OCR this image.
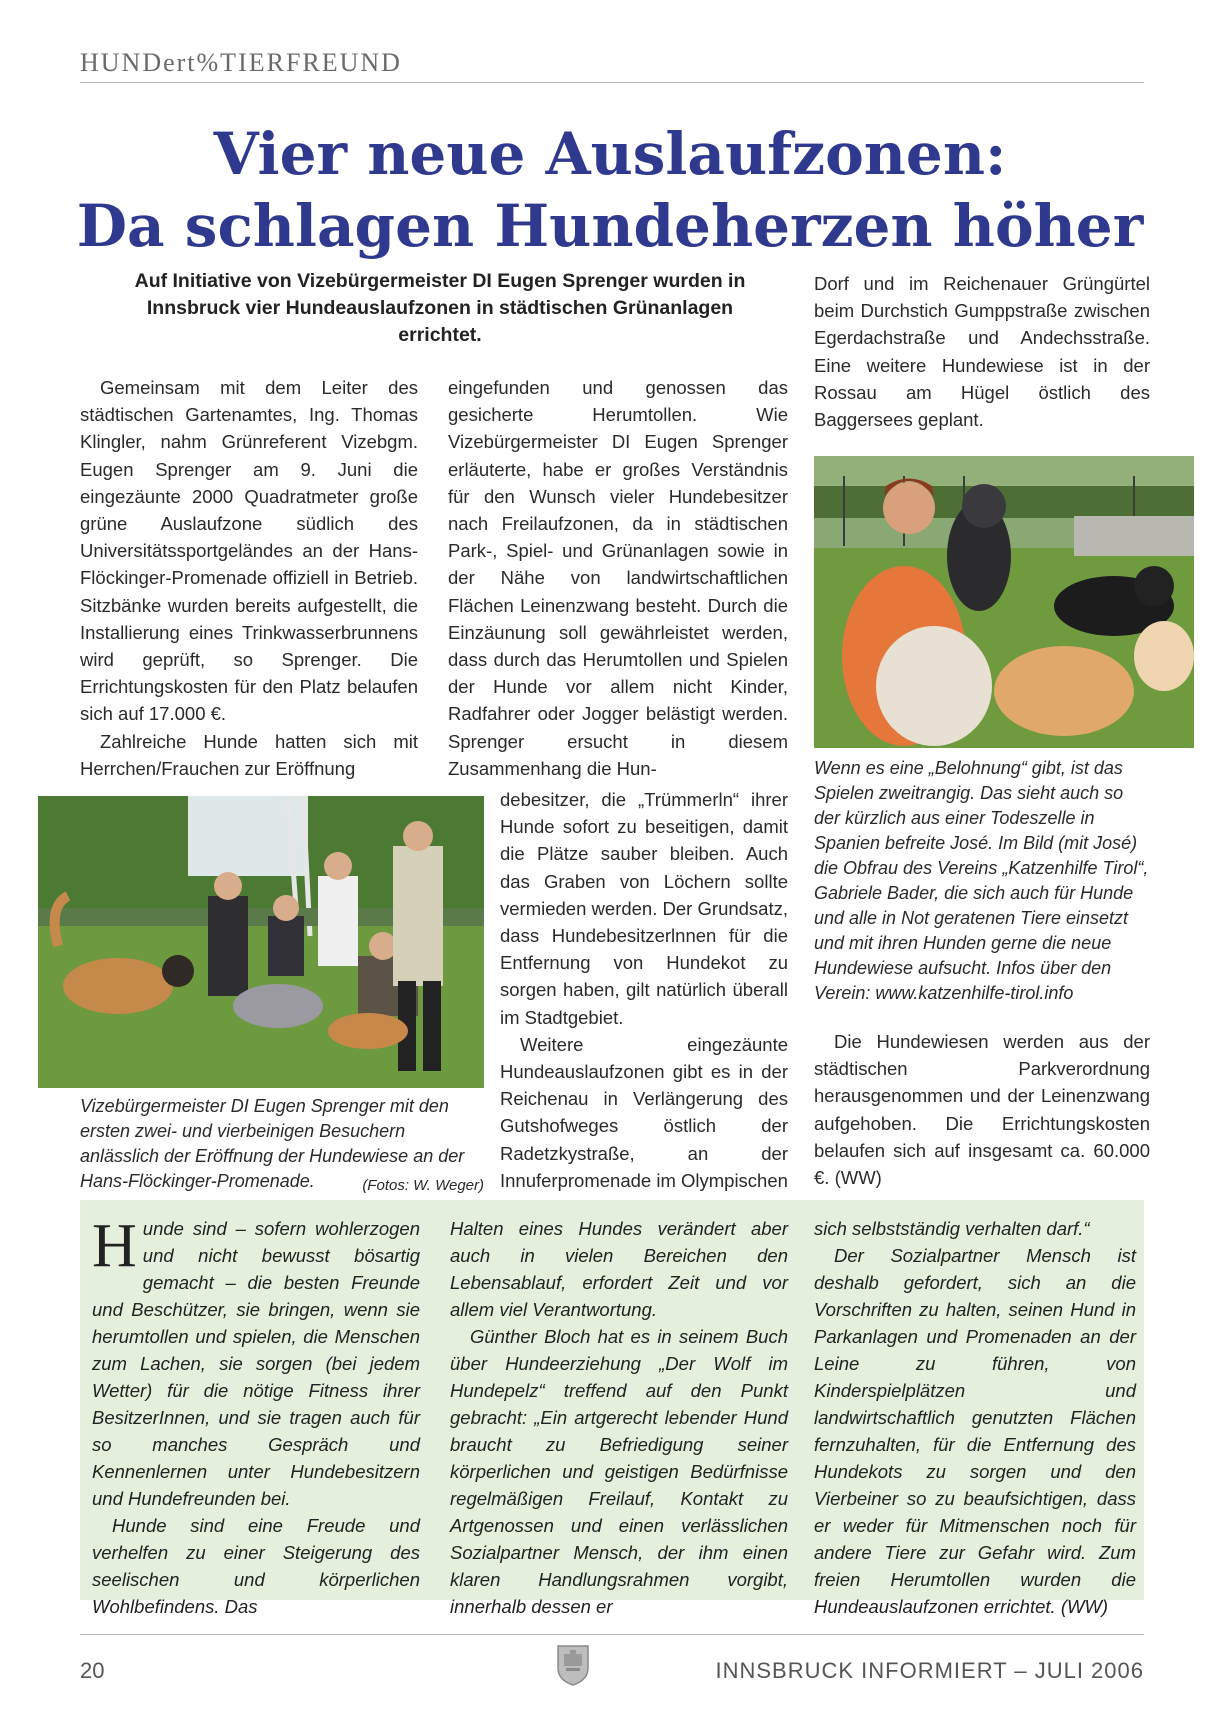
HUNDert%TIERFREUND
Vier neue Auslaufzonen:
Da schlagen Hundeherzen höher
Auf Initiative von Vizebürgermeister DI Eugen Sprenger wurden in Innsbruck vier Hundeauslaufzonen in städtischen Grünanlagen errichtet.

Gemeinsam mit dem Leiter des städtischen Gartenamtes, Ing. Thomas Klingler, nahm Grünreferent Vizebgm. Eugen Sprenger am 9. Juni die eingezäunte 2000 Quadratmeter große grüne Auslaufzone südlich des Universitätssportgeländes an der Hans-Flöckinger-Promenade offiziell in Betrieb. Sitzbänke wurden bereits aufgestellt, die Installierung eines Trinkwasserbrunnens wird geprüft, so Sprenger. Die Errichtungskosten für den Platz belaufen sich auf 17.000 €.

Zahlreiche Hunde hatten sich mit Herrchen/Frauchen zur Eröffnung

eingefunden und genossen das gesicherte Herumtollen. Wie Vizebürgermeister DI Eugen Sprenger erläuterte, habe er großes Verständnis für den Wunsch vieler Hundebesitzer nach Freilaufzonen, da in städtischen Park-, Spiel- und Grünanlagen sowie in der Nähe von landwirtschaftlichen Flächen Leinenzwang besteht. Durch die Einzäunung soll gewährleistet werden, dass durch das Herumtollen und Spielen der Hunde vor allem nicht Kinder, Radfahrer oder Jogger belästigt werden. Sprenger ersucht in diesem Zusammenhang die Hun-

debesitzer, die „Trümmerln“ ihrer Hunde sofort zu beseitigen, damit die Plätze sauber bleiben. Auch das Graben von Löchern sollte vermieden werden. Der Grundsatz, dass Hundebesitzerlnnen für die Entfernung von Hundekot zu sorgen haben, gilt natürlich überall im Stadtgebiet.

Weitere eingezäunte Hundeauslaufzonen gibt es in der Reichenau in Verlängerung des Gutshofweges östlich der Radetzkystraße, an der Innuferpromenade im Olympischen

Dorf und im Reichenauer Grüngürtel beim Durchstich Gumppstraße zwischen Egerdachstraße und Andechsstraße. Eine weitere Hundewiese ist in der Rossau am Hügel östlich des Baggersees geplant.

Die Hundewiesen werden aus der städtischen Parkverordnung herausgenommen und der Leinenzwang aufgehoben. Die Errichtungskosten belaufen sich auf insgesamt ca. 60.000 €. (WW)

Wenn es eine „Belohnung“ gibt, ist das Spielen zweitrangig. Das sieht auch so der kürzlich aus einer Todeszelle in Spanien befreite José. Im Bild (mit José) die Obfrau des Vereins „Katzenhilfe Tirol“, Gabriele Bader, die sich auch für Hunde und alle in Not geratenen Tiere einsetzt und mit ihren Hunden gerne die neue Hundewiese aufsucht. Infos über den Verein: www.katzenhilfe-tirol.info
Vizebürgermeister DI Eugen Sprenger mit den ersten zwei- und vierbeinigen Besuchern anlässlich der Eröffnung der Hundewiese an der Hans-Flöckinger-Promenade.	(Fotos: W. Weger)

Hunde sind – sofern wohlerzogen und nicht bewusst bösartig gemacht – die besten Freunde und Beschützer, sie bringen, wenn sie herumtollen und spielen, die Menschen zum Lachen, sie sorgen (bei jedem Wetter) für die nötige Fitness ihrer BesitzerInnen, und sie tragen auch für so manches Gespräch und Kennenlernen unter Hundebesitzern und Hundefreunden bei.

Hunde sind eine Freude und verhelfen zu einer Steigerung des seelischen und körperlichen Wohlbefindens. Das

Halten eines Hundes verändert aber auch in vielen Bereichen den Lebensablauf, erfordert Zeit und vor allem viel Verantwortung.

Günther Bloch hat es in seinem Buch über Hundeerziehung „Der Wolf im Hundepelz“ treffend auf den Punkt gebracht: „Ein artgerecht lebender Hund braucht zu Befriedigung seiner körperlichen und geistigen Bedürfnisse regelmäßigen Freilauf, Kontakt zu Artgenossen und einen verlässlichen Sozialpartner Mensch, der ihm einen klaren Handlungsrahmen vorgibt, innerhalb dessen er

sich selbstständig verhalten darf.“

Der Sozialpartner Mensch ist deshalb gefordert, sich an die Vorschriften zu halten, seinen Hund in Parkanlagen und Promenaden an der Leine zu führen, von Kinderspielplätzen und landwirtschaftlich genutzten Flächen fernzuhalten, für die Entfernung des Hundekots zu sorgen und den Vierbeiner so zu beaufsichtigen, dass er weder für Mitmenschen noch für andere Tiere zur Gefahr wird. Zum freien Herumtollen wurden die Hundeauslaufzonen errichtet. (WW)

20	INNSBRUCK INFORMIERT – JULI 2006
